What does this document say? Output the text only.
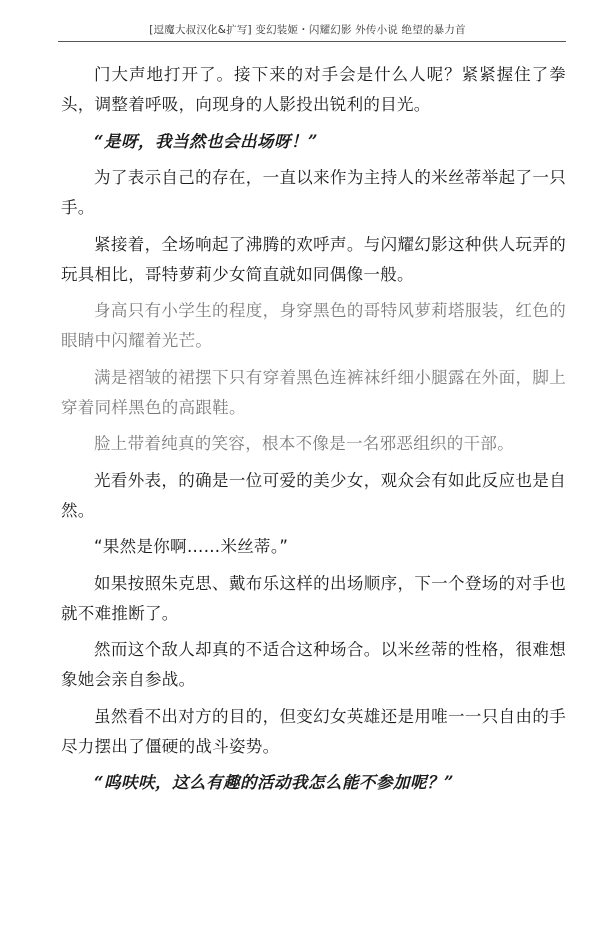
[逗魔大叔汉化&扩写] 变幻装姬・闪耀幻影 外传小说 绝望的暴力首

门大声地打开了。接下来的对手会是什么人呢？紧紧握住了拳头，调整着呼吸，向现身的人影投出锐利的目光。

“是呀，我当然也会出场呀！”

为了表示自己的存在，一直以来作为主持人的米丝蒂举起了一只手。

紧接着，全场响起了沸腾的欢呼声。与闪耀幻影这种供人玩弄的玩具相比，哥特萝莉少女简直就如同偶像一般。

身高只有小学生的程度，身穿黑色的哥特风萝莉塔服装，红色的眼睛中闪耀着光芒。

满是褶皱的裙摆下只有穿着黑色连裤袜纤细小腿露在外面，脚上穿着同样黑色的高跟鞋。

脸上带着纯真的笑容，根本不像是一名邪恶组织的干部。

光看外表，的确是一位可爱的美少女，观众会有如此反应也是自然。

“果然是你啊……米丝蒂。”

如果按照朱克思、戴布乐这样的出场顺序，下一个登场的对手也就不难推断了。

然而这个敌人却真的不适合这种场合。以米丝蒂的性格，很难想象她会亲自参战。

虽然看不出对方的目的，但变幻女英雄还是用唯一一只自由的手尽力摆出了僵硬的战斗姿势。

“呜呋呋，这么有趣的活动我怎么能不参加呢？”
